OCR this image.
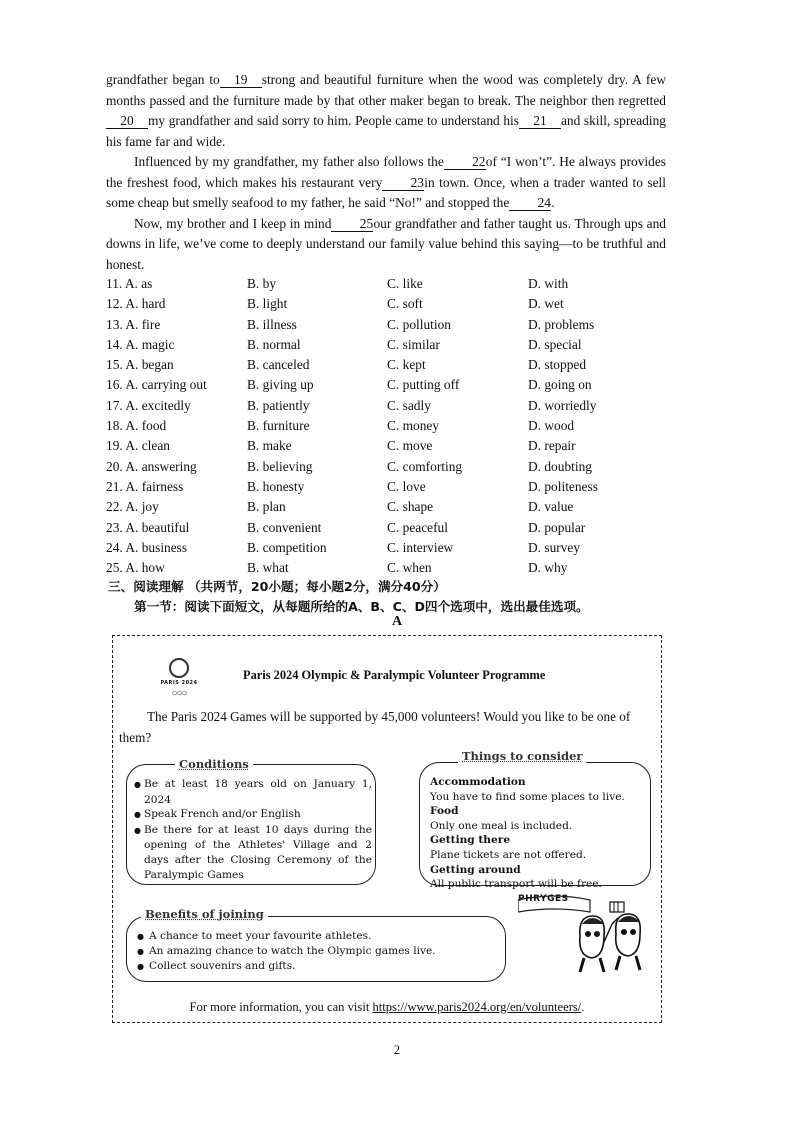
grandfather began to 19 strong and beautiful furniture when the wood was completely dry. A few months passed and the furniture made by that other maker began to break. The neighbor then regretted20 my grandfather and said sorry to him. People came to understand his 21 and skill, spreading his fame far and wide.

Influenced by my grandfather, my father also follows the 22of “I won’t”. He always provides the freshest food, which makes his restaurant very 23in town. Once, when a trader wanted to sell some cheap but smelly seafood to my father, he said “No!” and stopped the 24.

Now, my brother and I keep in mind 25our grandfather and father taught us. Through ups and downs in life, we’ve come to deeply understand our family value behind this saying—to be truthful and honest.

11. A. as	B. by	C. like	D. with
12. A. hard	B. light	C. soft	D. wet
13. A. fire	B. illness	C. pollution	D. problems
14. A. magic	B. normal	C. similar	D. special
15. A. began	B. canceled	C. kept	D. stopped
16. A. carrying out	B. giving up	C. putting off	D. going on
17. A. excitedly	B. patiently	C. sadly	D. worriedly
18. A. food	B. furniture	C. money	D. wood
19. A. clean	B. make	C. move	D. repair
20. A. answering	B. believing	C. comforting	D. doubting
21. A. fairness	B. honesty	C. love	D. politeness
22. A. joy	B. plan	C. shape	D. value
23. A. beautiful	B. convenient	C. peaceful	D. popular
24. A. business	B. competition	C. interview	D. survey
25. A. how	B. what	C. when	D. why
三、阅读理解 （共两节，20小题；每小题2分，满分40分）
第一节：阅读下面短文，从每题所给的A、B、C、D四个选项中，选出最佳选项。
A
PARIS 2024
○○○
Paris 2024 Olympic & Paralympic Volunteer Programme
The Paris 2024 Games will be supported by 45,000 volunteers! Would you like to be one of them?
Conditions
● Be at least 18 years old on January 1, 2024
● Speak French and/or English
● Be there for at least 10 days during the opening of the Athletes' Village and 2 days after the Closing Ceremony of the Paralympic Games
Things to consider
Accommodation
You have to find some places to live.
Food
Only one meal is included.
Getting there
Plane tickets are not offered.
Getting around
All public transport will be free.
Benefits of joining
● A chance to meet your favourite athletes.
● An amazing chance to watch the Olympic games live.
● Collect souvenirs and gifts.
PHRYGES
For more information, you can visit https://www.paris2024.org/en/volunteers/.
2
